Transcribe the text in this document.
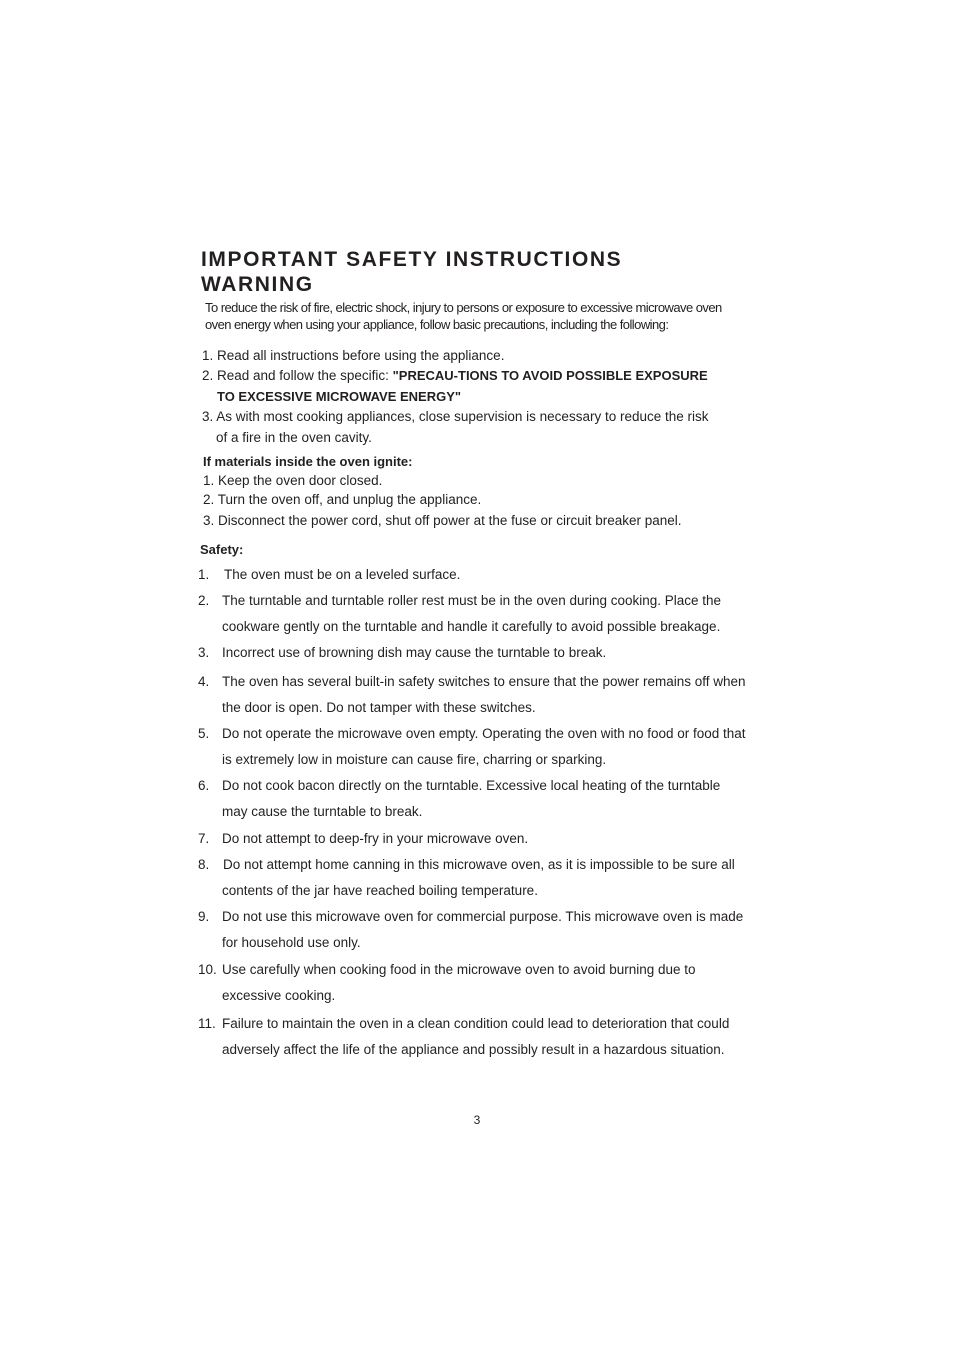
IMPORTANT SAFETY INSTRUCTIONS
WARNING
To reduce the risk of fire, electric shock, injury to persons or exposure to excessive microwave oven
oven energy when using your appliance, follow basic precautions, including the following:
1. Read all instructions before using the appliance.
2. Read and follow the specific: "PRECAU-TIONS TO AVOID POSSIBLE EXPOSURE
TO EXCESSIVE MICROWAVE ENERGY"
3. As with most cooking appliances, close supervision is necessary to reduce the risk
of a fire in the oven cavity.
If materials inside the oven ignite:
1. Keep the oven door closed.
2. Turn the oven off, and unplug the appliance.
3. Disconnect the power cord, shut off power at the fuse or circuit breaker panel.
Safety:
1. The oven must be on a leveled surface.
2. The turntable and turntable roller rest must be in the oven during cooking. Place the
cookware gently on the turntable and handle it carefully to avoid possible breakage.
3. Incorrect use of browning dish may cause the turntable to break.
4. The oven has several built-in safety switches to ensure that the power remains off when
the door is open. Do not tamper with these switches.
5. Do not operate the microwave oven empty. Operating the oven with no food or food that
is extremely low in moisture can cause fire, charring or sparking.
6. Do not cook bacon directly on the turntable. Excessive local heating of the turntable
may cause the turntable to break.
7. Do not attempt to deep-fry in your microwave oven.
8. Do not attempt home canning in this microwave oven, as it is impossible to be sure all
contents of the jar have reached boiling temperature.
9. Do not use this microwave oven for commercial purpose. This microwave oven is made
for household use only.
10. Use carefully when cooking food in the microwave oven to avoid burning due to
excessive cooking.
11. Failure to maintain the oven in a clean condition could lead to deterioration that could
adversely affect the life of the appliance and possibly result in a hazardous situation.
3
